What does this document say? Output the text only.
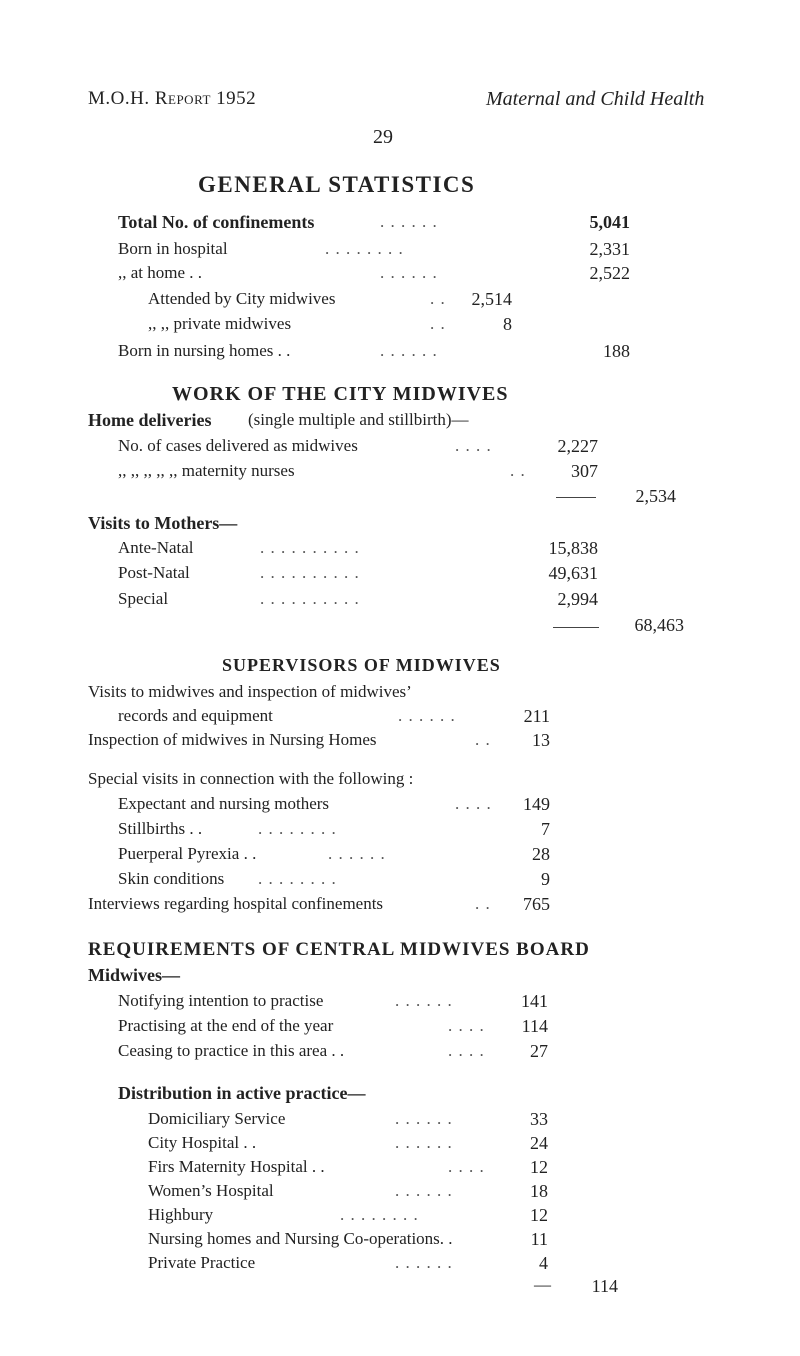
M.O.H. Report 1952	Maternal and Child Health
29
GENERAL STATISTICS
Total No. of confinements	. . . . . .	5,041
Born in hospital	. . . . . . . .	2,331
,, at home . .	. . . . . .	2,522
Attended by City midwives	. .	2,514
,, ,, private midwives	. .	8
Born in nursing homes . .	. . . . . .	188
WORK OF THE CITY MIDWIVES
Home deliveries (single multiple and stillbirth)—
No. of cases delivered as midwives	. . . .	2,227
,, ,, ,, ,, ,, maternity nurses	. .	307
2,534
Visits to Mothers—
Ante-Natal	. . . . . . . . . .	15,838
Post-Natal	. . . . . . . . . .	49,631
Special	. . . . . . . . . .	2,994
68,463
SUPERVISORS OF MIDWIVES
Visits to midwives and inspection of midwives’
records and equipment	. . . . . .	211
Inspection of midwives in Nursing Homes	. .	13
Special visits in connection with the following :
Expectant and nursing mothers	. . . .	149
Stillbirths . .	. . . . . . . .	7
Puerperal Pyrexia . .	. . . . . .	28
Skin conditions . . . . . . . .	9
Interviews regarding hospital confinements	. .	765
REQUIREMENTS OF CENTRAL MIDWIVES BOARD
Midwives—
Notifying intention to practise	. . . . . .	141
Practising at the end of the year	. . . .	114
Ceasing to practice in this area . .	. . . .	27
Distribution in active practice—
Domiciliary Service	. . . . . .	33
City Hospital . .	. . . . . .	24
Firs Maternity Hospital . .	. . . .	12
Women’s Hospital	. . . . . .	18
Highbury	. . . . . . . .	12
Nursing homes and Nursing Co-operations. .	11
Private Practice	. . . . . .	4
—	114
